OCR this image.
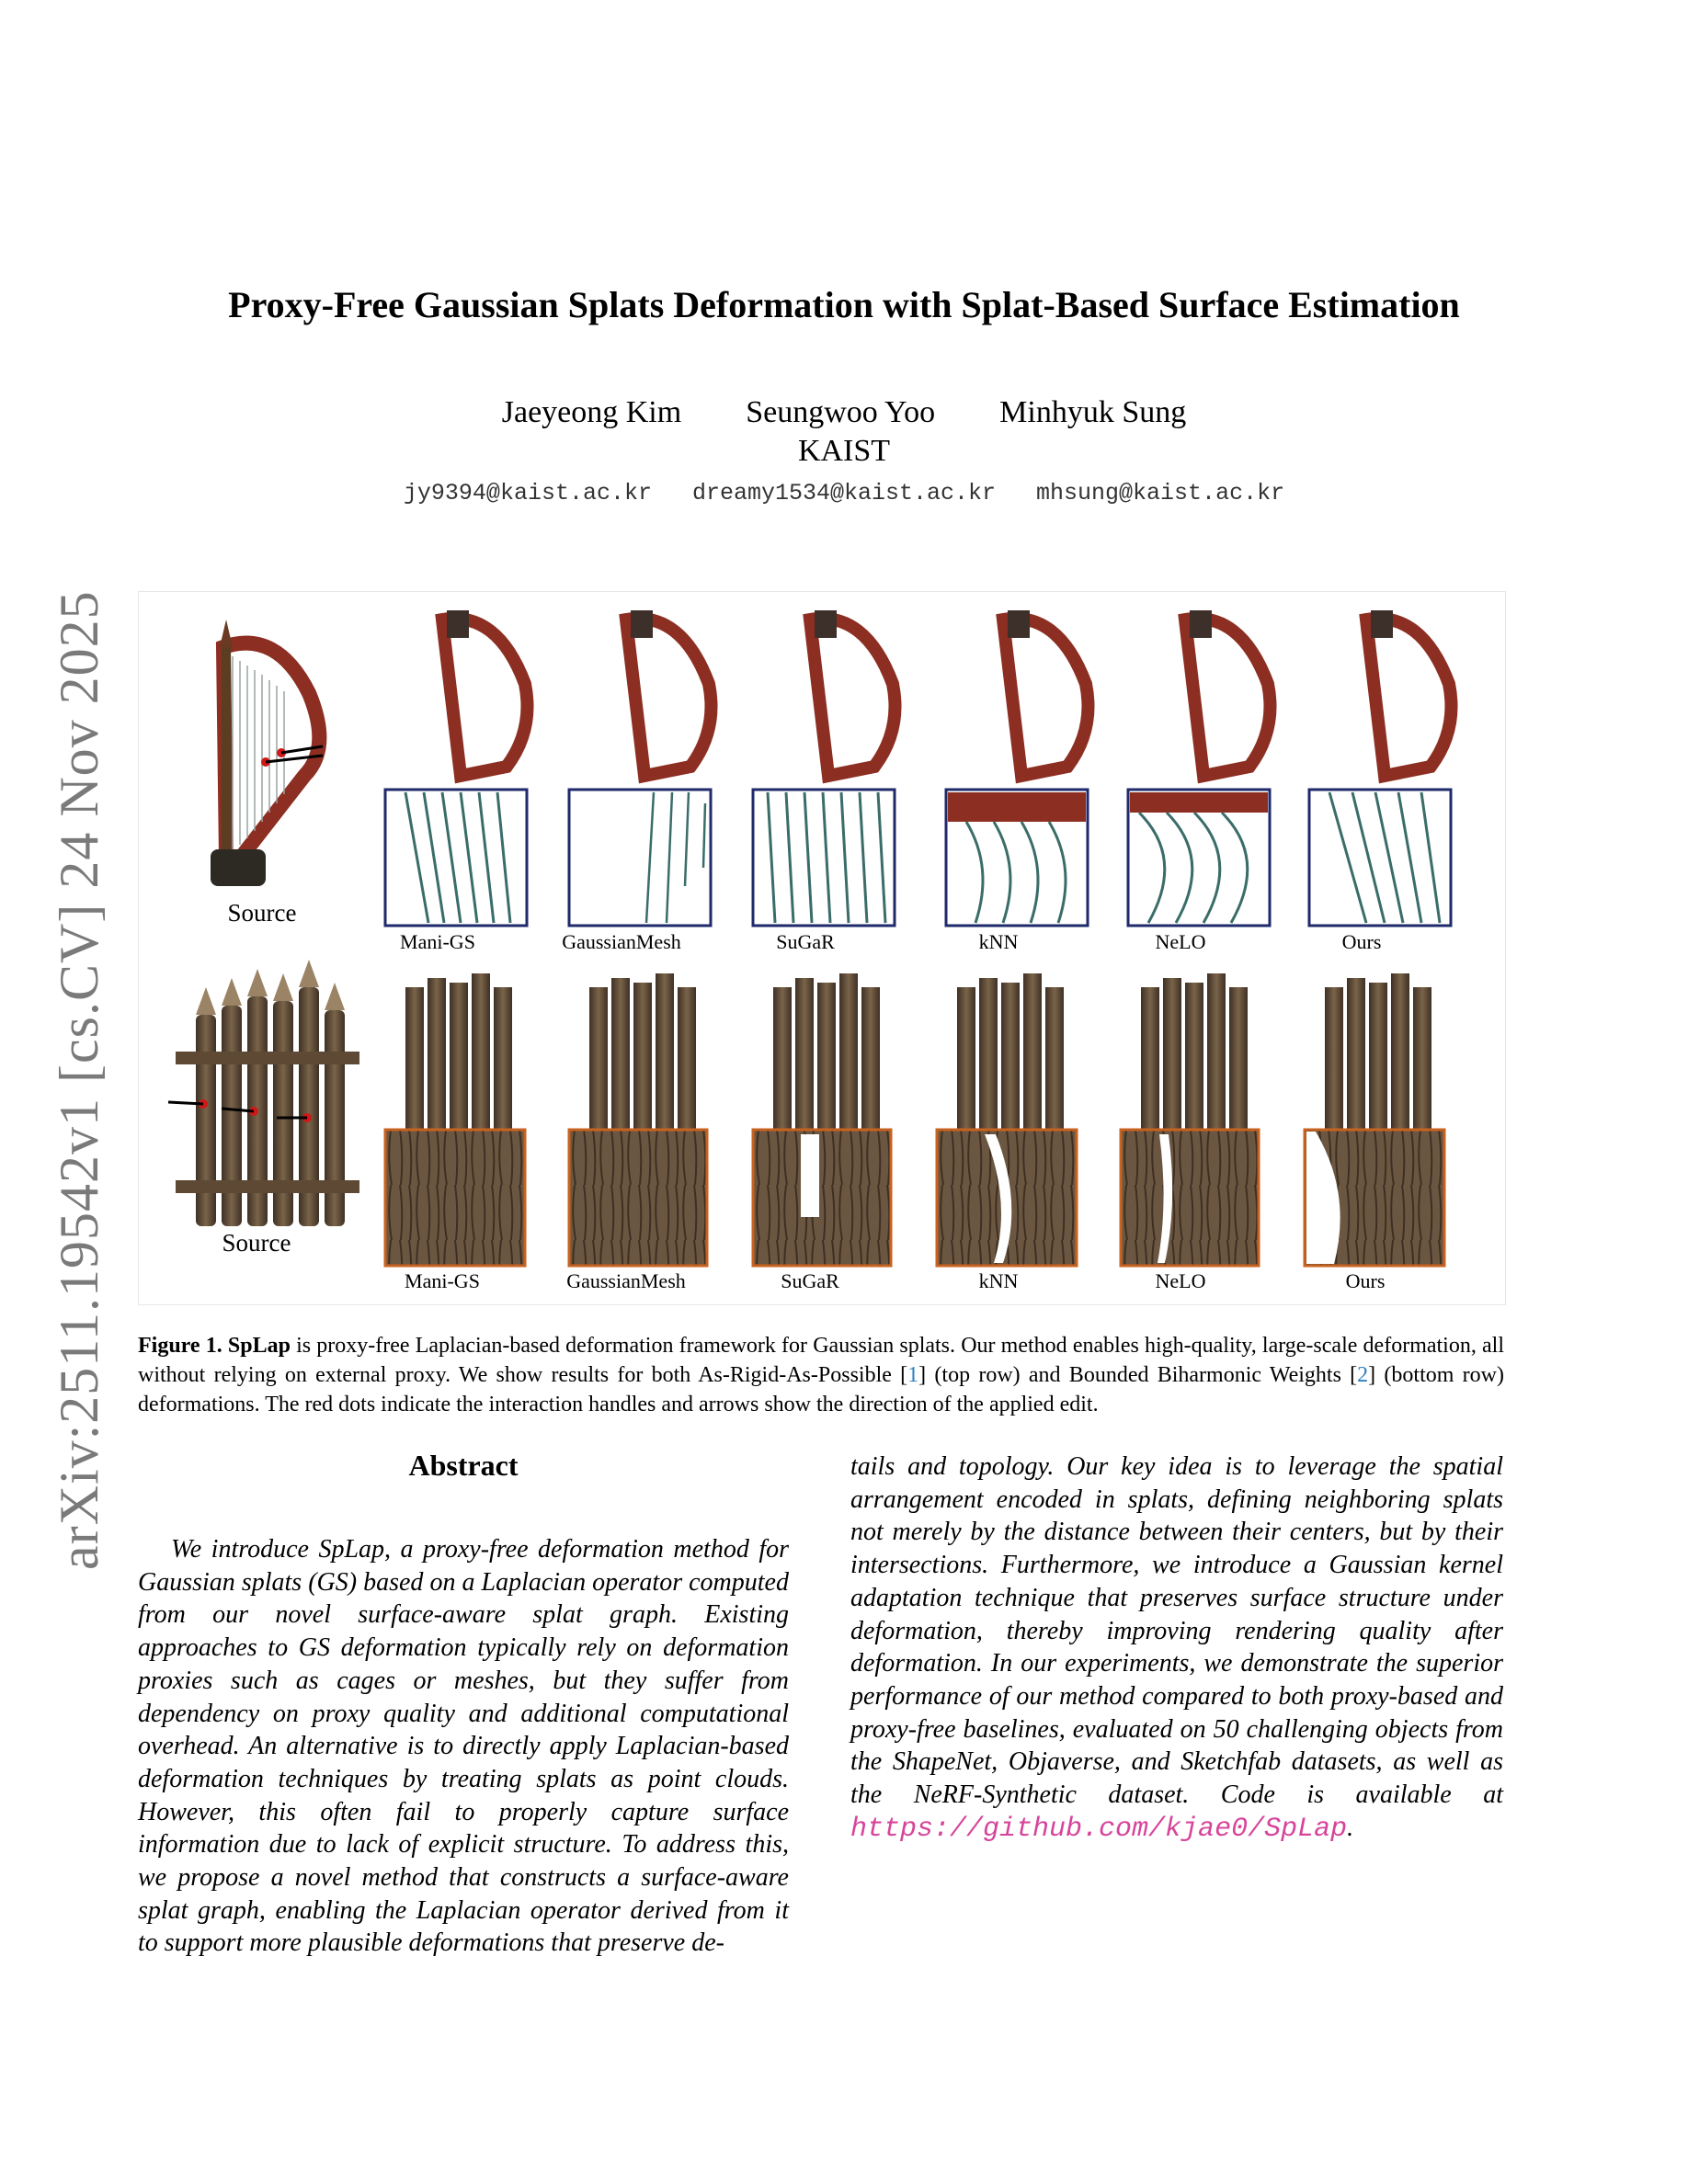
arXiv:2511.19542v1 [cs.CV] 24 Nov 2025
Proxy-Free Gaussian Splats Deformation with Splat-Based Surface Estimation
Jaeyeong Kim Seungwoo Yoo Minhyuk Sung
KAIST
jy9394@kaist.ac.kr dreamy1534@kaist.ac.kr mhsung@kaist.ac.kr
Source
Mani-GS	GaussianMesh	SuGaR	kNN	NeLO	Ours
Source
Mani-GS	GaussianMesh	SuGaR	kNN	NeLO	Ours
Figure 1. SpLap is proxy-free Laplacian-based deformation framework for Gaussian splats. Our method enables high-quality, large-scale deformation, all without relying on external proxy. We show results for both As-Rigid-As-Possible [1] (top row) and Bounded Biharmonic Weights [2] (bottom row) deformations. The red dots indicate the interaction handles and arrows show the direction of the applied edit.
Abstract

We introduce SpLap, a proxy-free deformation method for Gaussian splats (GS) based on a Laplacian operator computed from our novel surface-aware splat graph. Existing approaches to GS deformation typically rely on deformation proxies such as cages or meshes, but they suffer from dependency on proxy quality and additional computational overhead. An alternative is to directly apply Laplacian-based deformation techniques by treating splats as point clouds. However, this often fail to properly capture surface information due to lack of explicit structure. To address this, we propose a novel method that constructs a surface-aware splat graph, enabling the Laplacian operator derived from it to support more plausible deformations that preserve de-

tails and topology. Our key idea is to leverage the spatial arrangement encoded in splats, defining neighboring splats not merely by the distance between their centers, but by their intersections. Furthermore, we introduce a Gaussian kernel adaptation technique that preserves surface structure under deformation, thereby improving rendering quality after deformation. In our experiments, we demonstrate the superior performance of our method compared to both proxy-based and proxy-free baselines, evaluated on 50 challenging objects from the ShapeNet, Objaverse, and Sketchfab datasets, as well as the NeRF-Synthetic dataset. Code is available at https://github.com/kjae0/SpLap.
